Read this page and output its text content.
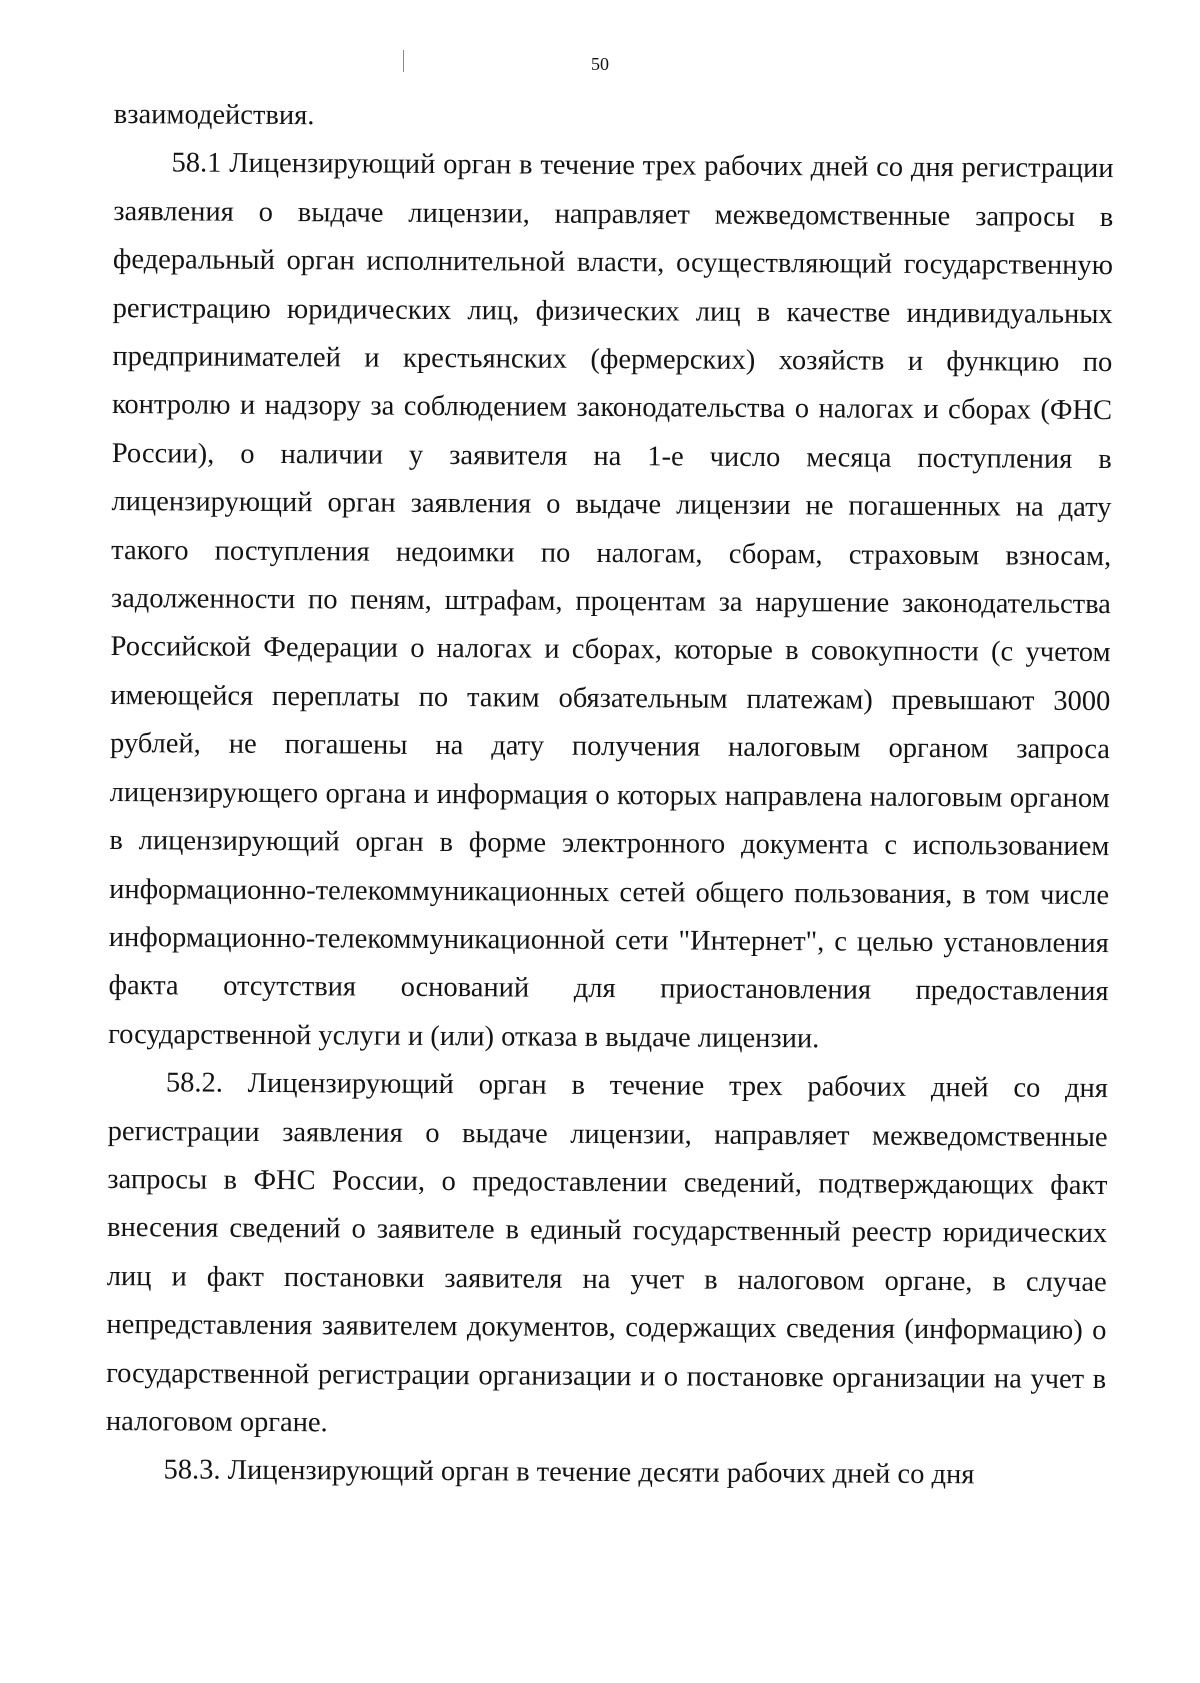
50

взаимодействия.

58.1 Лицензирующий орган в течение трех рабочих дней со дня регистрации заявления о выдаче лицензии, направляет межведомственные запросы в федеральный орган исполнительной власти, осуществляющий государственную регистрацию юридических лиц, физических лиц в качестве индивидуальных предпринимателей и крестьянских (фермерских) хозяйств и функцию по контролю и надзору за соблюдением законодательства о налогах и сборах (ФНС России), о наличии у заявителя на 1-е число месяца поступления в лицензирующий орган заявления о выдаче лицензии не погашенных на дату такого поступления недоимки по налогам, сборам, страховым взносам, задолженности по пеням, штрафам, процентам за нарушение законодательства Российской Федерации о налогах и сборах, которые в совокупности (с учетом имеющейся переплаты по таким обязательным платежам) превышают 3000 рублей, не погашены на дату получения налоговым органом запроса лицензирующего органа и информация о которых направлена налоговым органом в лицензирующий орган в форме электронного документа с использованием информационно-телекоммуникационных сетей общего пользования, в том числе информационно-телекоммуникационной сети "Интернет", с целью установления факта отсутствия оснований для приостановления предоставления государственной услуги и (или) отказа в выдаче лицензии.

58.2. Лицензирующий орган в течение трех рабочих дней со дня регистрации заявления о выдаче лицензии, направляет межведомственные запросы в ФНС России, о предоставлении сведений, подтверждающих факт внесения сведений о заявителе в единый государственный реестр юридических лиц и факт постановки заявителя на учет в налоговом органе, в случае непредставления заявителем документов, содержащих сведения (информацию) о государственной регистрации организации и о постановке организации на учет в налоговом органе.

58.3. Лицензирующий орган в течение десяти рабочих дней со дня
